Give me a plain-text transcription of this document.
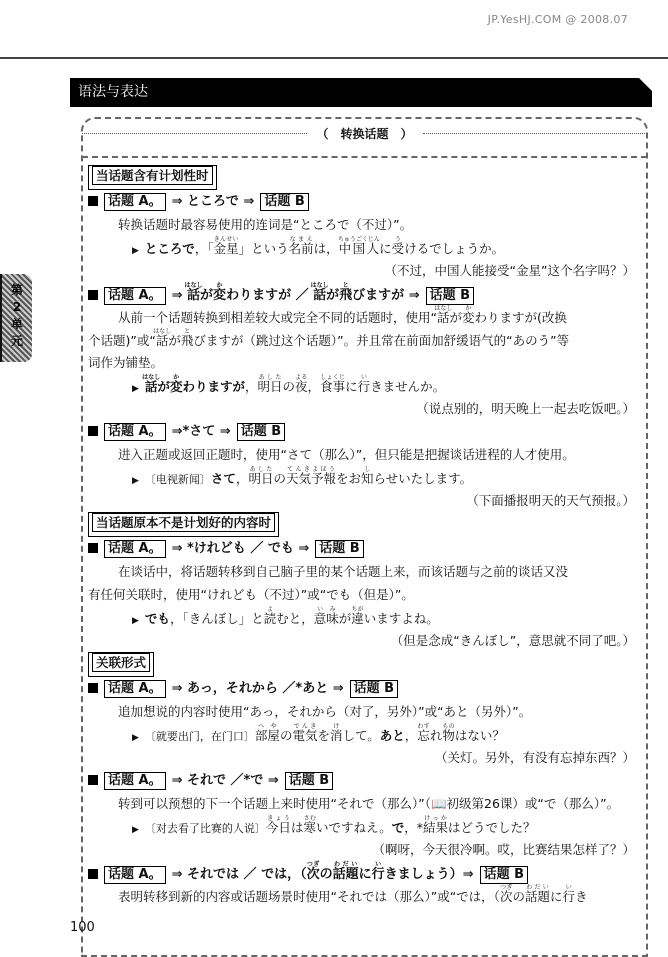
JP.YesHJ.COM @ 2008.07
第2单元
语法与表达
（　转换话题　）
当话题含有计划性时
话题 A。 ⇒ ところで ⇒ 话题 B
转换话题时最容易使用的连词是“ところで（不过）”。
▶ ところで，「金星きんせい」という名前なまえは，中国人ちゅうごくじんに受うけるでしょうか。
（不过，中国人能接受“金星”这个名字吗？）
话题 A。 ⇒ 話はなしが変かわりますが ／ 話はなしが飛とびますが ⇒ 话题 B
从前一个话题转换到相差较大或完全不同的话题时，使用“話はなしが変かわりますが(改换
个话题)”或“話はなしが飛とびますが（跳过这个话题）”。并且常在前面加舒缓语气的“あのう”等
词作为铺垫。
▶ 話はなしが変かわりますが，明日あしたの夜よる，食事しょくじに行いきませんか。
（说点别的，明天晚上一起去吃饭吧。）
话题 A。 ⇒*さて ⇒ 话题 B
进入正题或返回正题时，使用“さて（那么）”，但只能是把握谈话进程的人才使用。
▶ 〔电视新闻〕さて，明日あしたの天気てんき予報よほうをお知しらせいたします。
（下面播报明天的天气预报。）
当话题原本不是计划好的内容时
话题 A。 ⇒ *けれども ／ でも ⇒ 话题 B
在谈话中，将话题转移到自己脑子里的某个话题上来，而该话题与之前的谈话又没
有任何关联时，使用“けれども（不过）”或“でも（但是）”。
▶ でも，「きんぼし」と読よむと，意味いみが違ちがいますよね。
（但是念成“きんぼし”，意思就不同了吧。）
关联形式
话题 A。 ⇒ あっ，それから ／*あと ⇒ 话题 B
追加想说的内容时使用“あっ，それから（对了，另外）”或“あと（另外）”。
▶ 〔就要出门，在门口〕部屋へやの電気でんきを消けして。あと，忘わすれ物ものはない？
（关灯。另外，有没有忘掉东西？）
话题 A。 ⇒ それで ／*で ⇒ 话题 B
转到可以预想的下一个话题上来时使用“それで（那么）”（📖初级第26课）或“で（那么）”。
▶ 〔对去看了比赛的人说〕今日きょうは寒さむいですねえ。で，*結果けっかはどうでした？
（啊呀，今天很冷啊。哎，比赛结果怎样了？）
话题 A。 ⇒ それでは ／ では，（次つぎの話題わだいに行いきましょう）⇒ 话题 B
表明转移到新的内容或话题场景时使用“それでは（那么）”或“では，（次つぎの話題わだいに行いき
100
